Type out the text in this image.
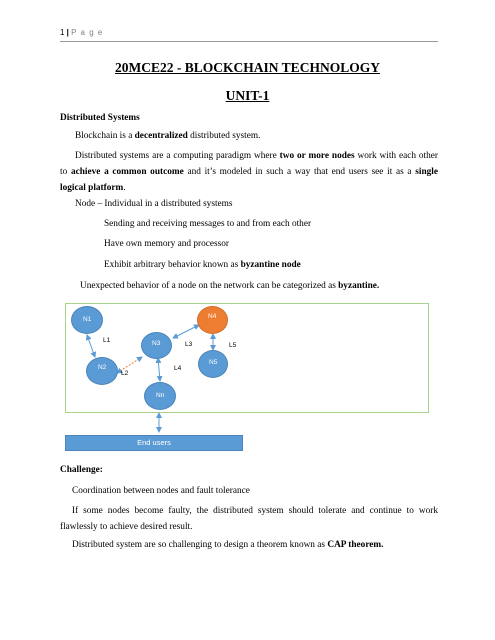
1 | P a g e
20MCE22 - BLOCKCHAIN TECHNOLOGY
UNIT-1
Distributed Systems
Blockchain is a decentralized distributed system.
Distributed systems are a computing paradigm where two or more nodes work with each other to achieve a common outcome and it’s modeled in such a way that end users see it as a single logical platform.
Node – Individual in a distributed systems
Sending and receiving messages to and from each other
Have own memory and processor
Exhibit arbitrary behavior known as byzantine node
Unexpected behavior of a node on the network can be categorized as byzantine.
N1
N3
N4
N5
N2
Nn
L1
L2
L3
L4
L5
End users
Challenge:
Coordination between nodes and fault tolerance
If some nodes become faulty, the distributed system should tolerate and continue to work flawlessly to achieve desired result.
Distributed system are so challenging to design a theorem known as CAP theorem.
